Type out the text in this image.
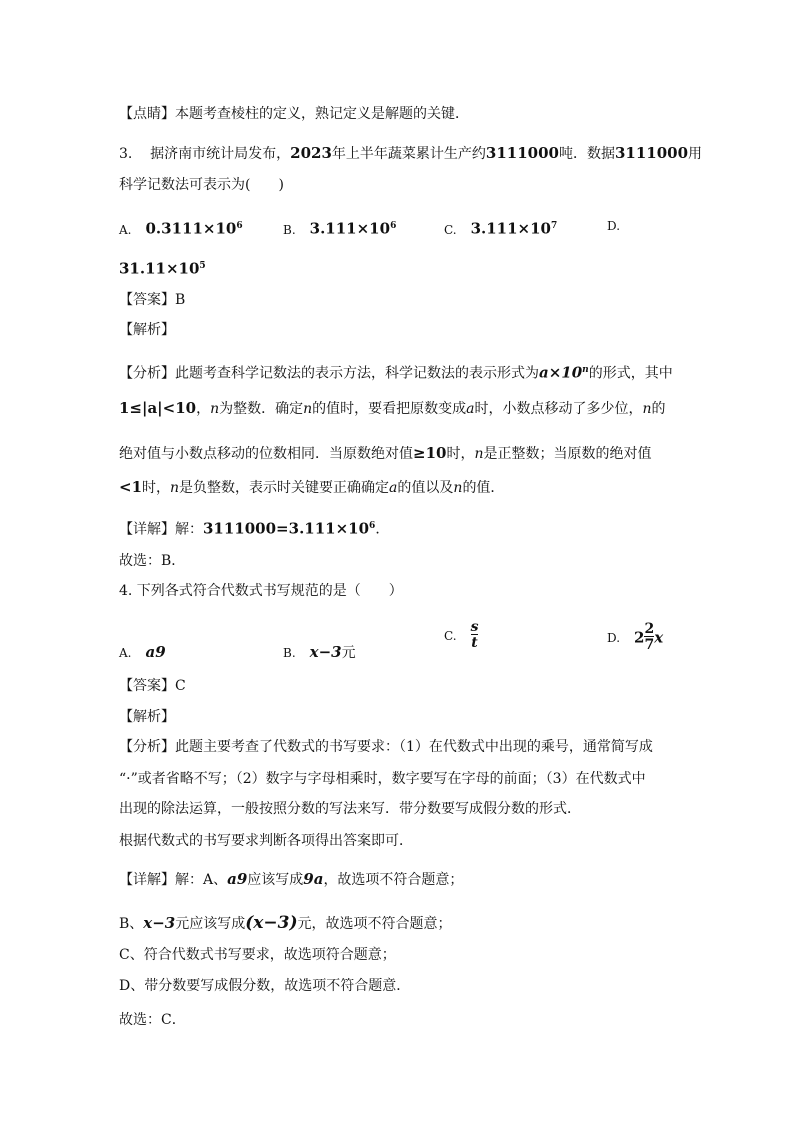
【点睛】本题考查棱柱的定义，熟记定义是解题的关键．
3. 据济南市统计局发布，2023年上半年蔬菜累计生产约3111000吨．数据3111000用
科学记数法可表示为(　　)
A. $0.3111\times 10^6$	B. $3.111\times 10^6$	C. $3.111\times 10^7$	D.
$31.11\times 10^5$
【答案】B
【解析】
【分析】此题考查科学记数法的表示方法，科学记数法的表示形式为$a\times 10^n$的形式，其中
1≤|a|<10，n为整数．确定n的值时，要看把原数变成a时，小数点移动了多少位，n的
绝对值与小数点移动的位数相同．当原数绝对值≥10时，n是正整数；当原数的绝对值
<1时，n是负整数，表示时关键要正确确定a的值以及n的值．
【详解】解：$3111000=3.111\times 10^6$．
故选：B．
4. 下列各式符合代数式书写规范的是（　　）
A. a9	B. x−3元
C. $\frac{s}{t}$	D. $2 \frac{2}{7}$ x
【答案】C
【解析】
【分析】此题主要考查了代数式的书写要求：（1）在代数式中出现的乘号，通常简写成
“·”或者省略不写；（2）数字与字母相乘时，数字要写在字母的前面；（3）在代数式中
出现的除法运算，一般按照分数的写法来写．带分数要写成假分数的形式．
根据代数式的书写要求判断各项得出答案即可．
【详解】解：A、a9应该写成9a，故选项不符合题意；
B、x−3元应该写成(x−3)元，故选项不符合题意；
C、符合代数式书写要求，故选项符合题意；
D、带分数要写成假分数，故选项不符合题意．
故选：C．
